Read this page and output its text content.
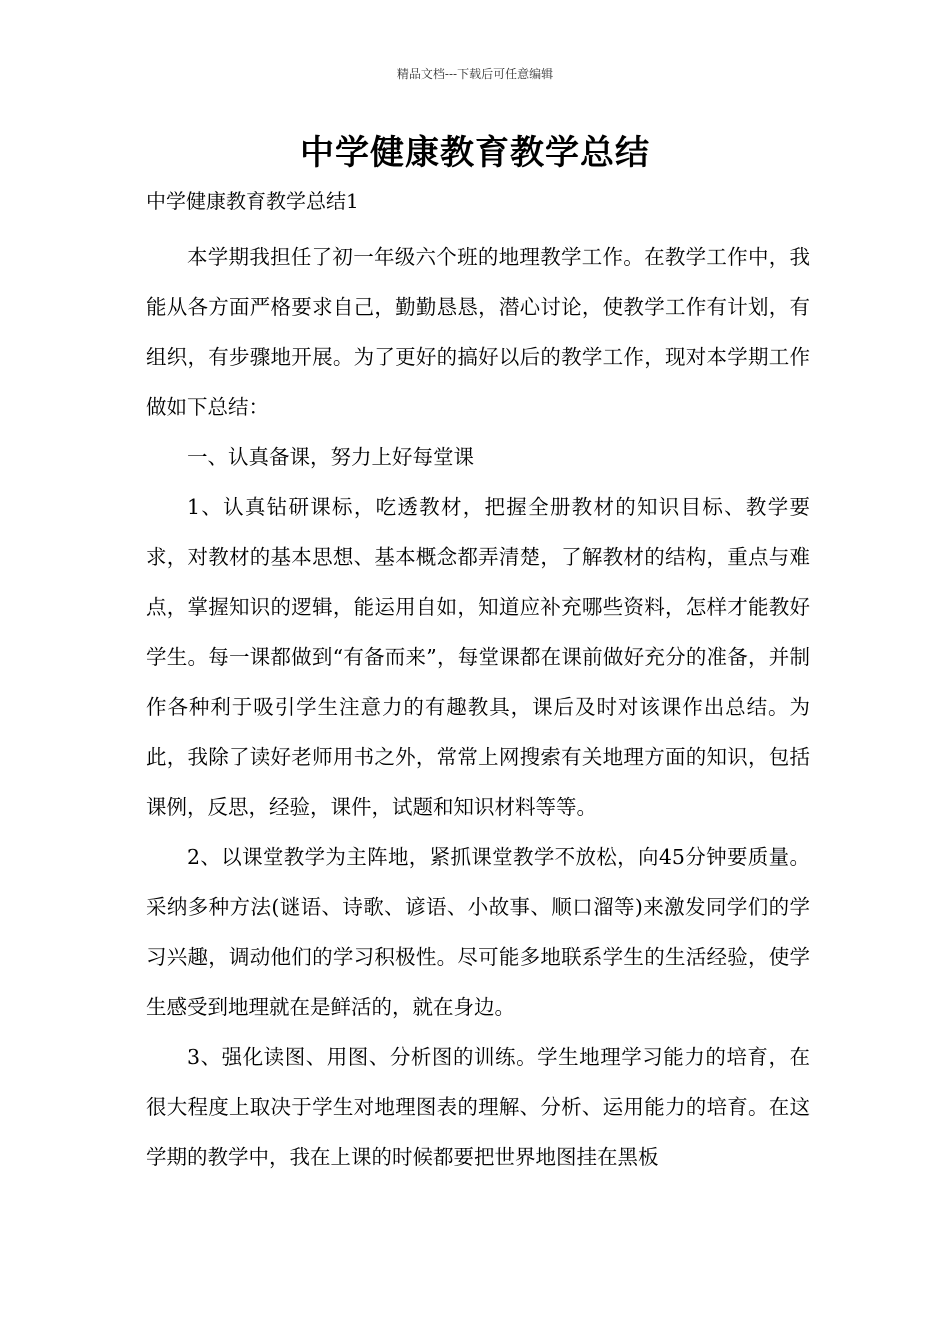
精品文档---下载后可任意编辑
中学健康教育教学总结

中学健康教育教学总结1

本学期我担任了初一年级六个班的地理教学工作。在教学工作中，我能从各方面严格要求自己，勤勤恳恳，潜心讨论，使教学工作有计划，有组织，有步骤地开展。为了更好的搞好以后的教学工作，现对本学期工作做如下总结：

一、认真备课，努力上好每堂课

1、认真钻研课标，吃透教材，把握全册教材的知识目标、教学要求，对教材的基本思想、基本概念都弄清楚，了解教材的结构，重点与难点，掌握知识的逻辑，能运用自如，知道应补充哪些资料，怎样才能教好学生。每一课都做到“有备而来”，每堂课都在课前做好充分的准备，并制作各种利于吸引学生注意力的有趣教具，课后及时对该课作出总结。为此，我除了读好老师用书之外，常常上网搜索有关地理方面的知识，包括课例，反思，经验，课件，试题和知识材料等等。

2、以课堂教学为主阵地，紧抓课堂教学不放松，向45分钟要质量。采纳多种方法(谜语、诗歌、谚语、小故事、顺口溜等)来激发同学们的学习兴趣，调动他们的学习积极性。尽可能多地联系学生的生活经验，使学生感受到地理就在是鲜活的，就在身边。

3、强化读图、用图、分析图的训练。学生地理学习能力的培育，在很大程度上取决于学生对地理图表的理解、分析、运用能力的培育。在这学期的教学中，我在上课的时候都要把世界地图挂在黑板
